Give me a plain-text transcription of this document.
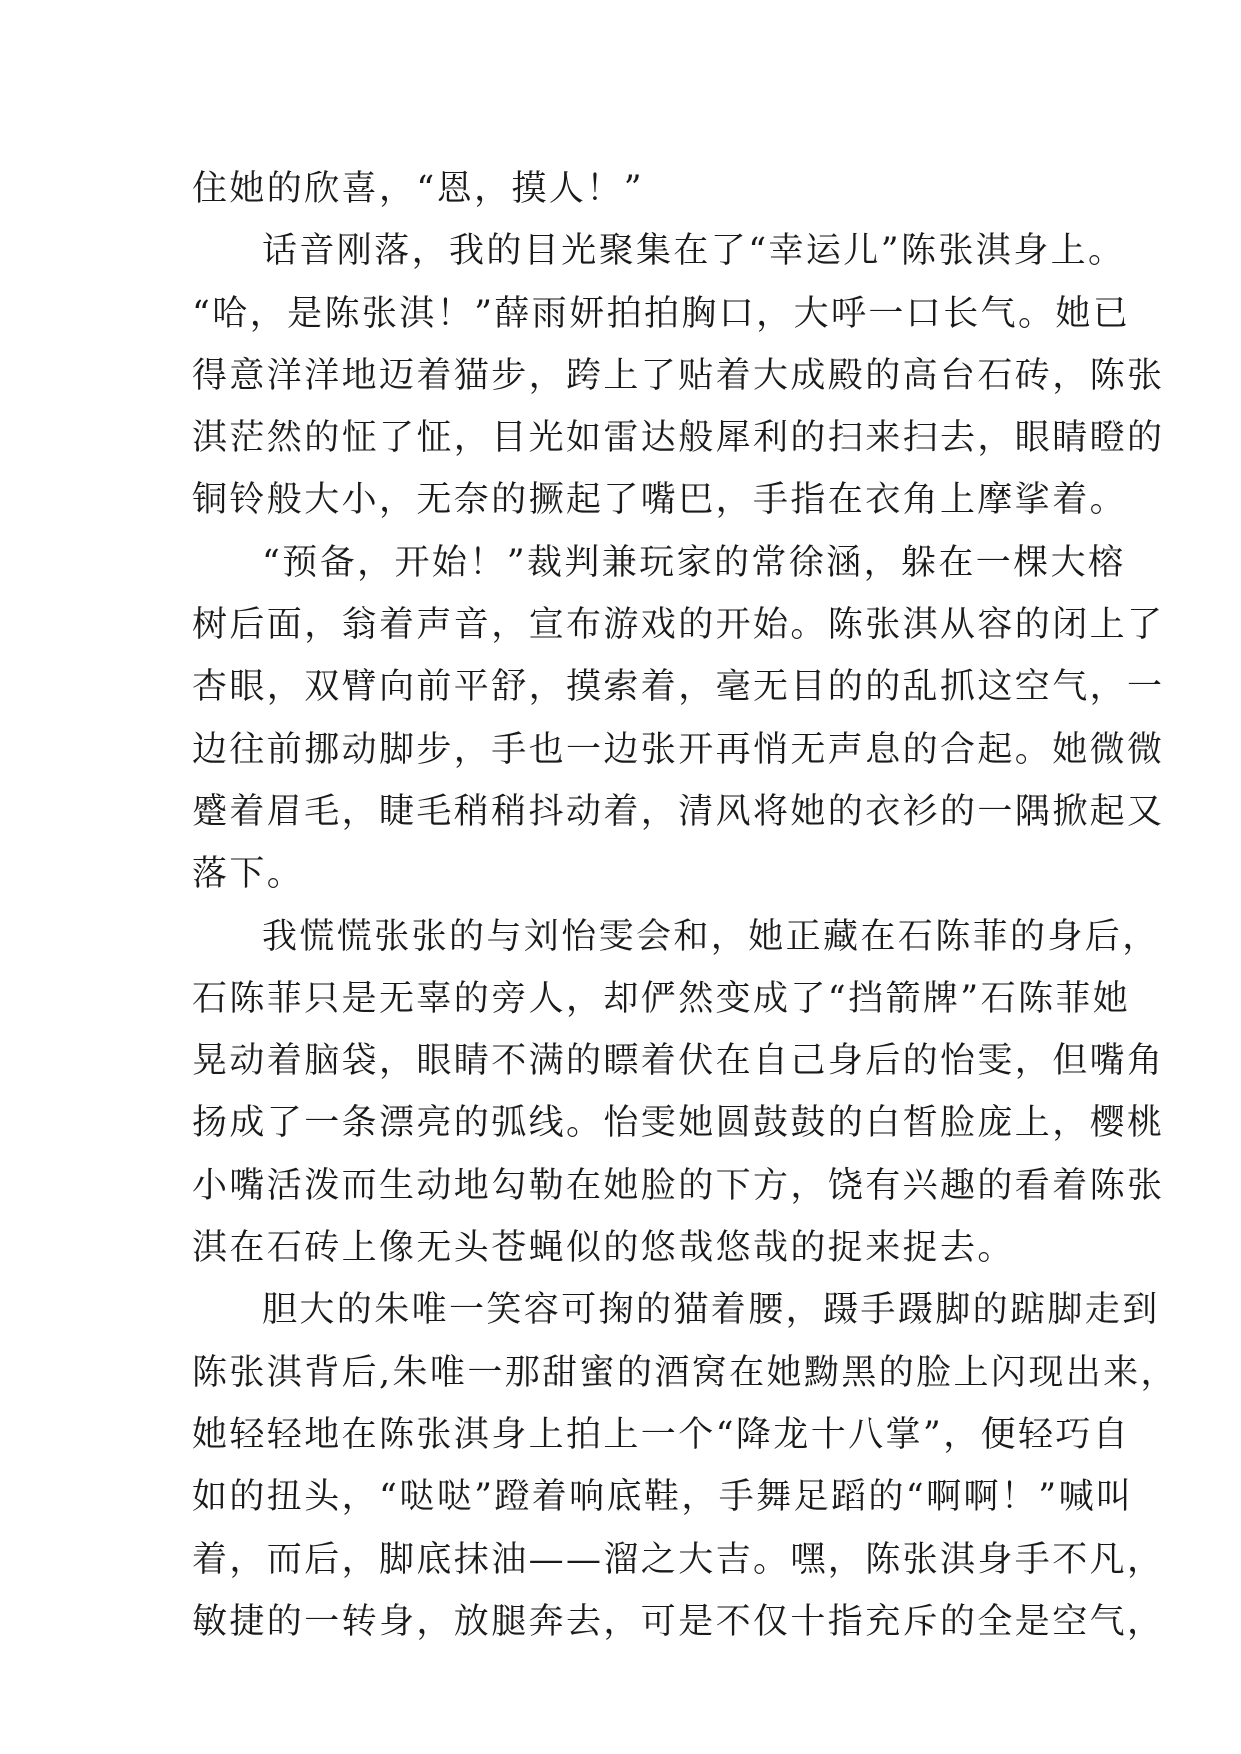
住她的欣喜，“恩，摸人！”
话音刚落，我的目光聚集在了“幸运儿”陈张淇身上。
“哈，是陈张淇！”薛雨妍拍拍胸口，大呼一口长气。她已
得意洋洋地迈着猫步，跨上了贴着大成殿的高台石砖，陈张
淇茫然的怔了怔，目光如雷达般犀利的扫来扫去，眼睛瞪的
铜铃般大小，无奈的撅起了嘴巴，手指在衣角上摩挲着。
“预备，开始！”裁判兼玩家的常徐涵，躲在一棵大榕
树后面，翁着声音，宣布游戏的开始。陈张淇从容的闭上了
杏眼，双臂向前平舒，摸索着，毫无目的的乱抓这空气，一
边往前挪动脚步，手也一边张开再悄无声息的合起。她微微
蹙着眉毛，睫毛稍稍抖动着，清风将她的衣衫的一隅掀起又
落下。
我慌慌张张的与刘怡雯会和，她正藏在石陈菲的身后，
石陈菲只是无辜的旁人，却俨然变成了“挡箭牌”石陈菲她
晃动着脑袋，眼睛不满的瞟着伏在自己身后的怡雯，但嘴角
扬成了一条漂亮的弧线。怡雯她圆鼓鼓的白皙脸庞上，樱桃
小嘴活泼而生动地勾勒在她脸的下方，饶有兴趣的看着陈张
淇在石砖上像无头苍蝇似的悠哉悠哉的捉来捉去。
胆大的朱唯一笑容可掬的猫着腰，蹑手蹑脚的踮脚走到
陈张淇背后,朱唯一那甜蜜的酒窝在她黝黑的脸上闪现出来，
她轻轻地在陈张淇身上拍上一个“降龙十八掌”，便轻巧自
如的扭头，“哒哒”蹬着响底鞋，手舞足蹈的“啊啊！”喊叫
着，而后，脚底抹油——溜之大吉。嘿，陈张淇身手不凡，
敏捷的一转身，放腿奔去，可是不仅十指充斥的全是空气，
